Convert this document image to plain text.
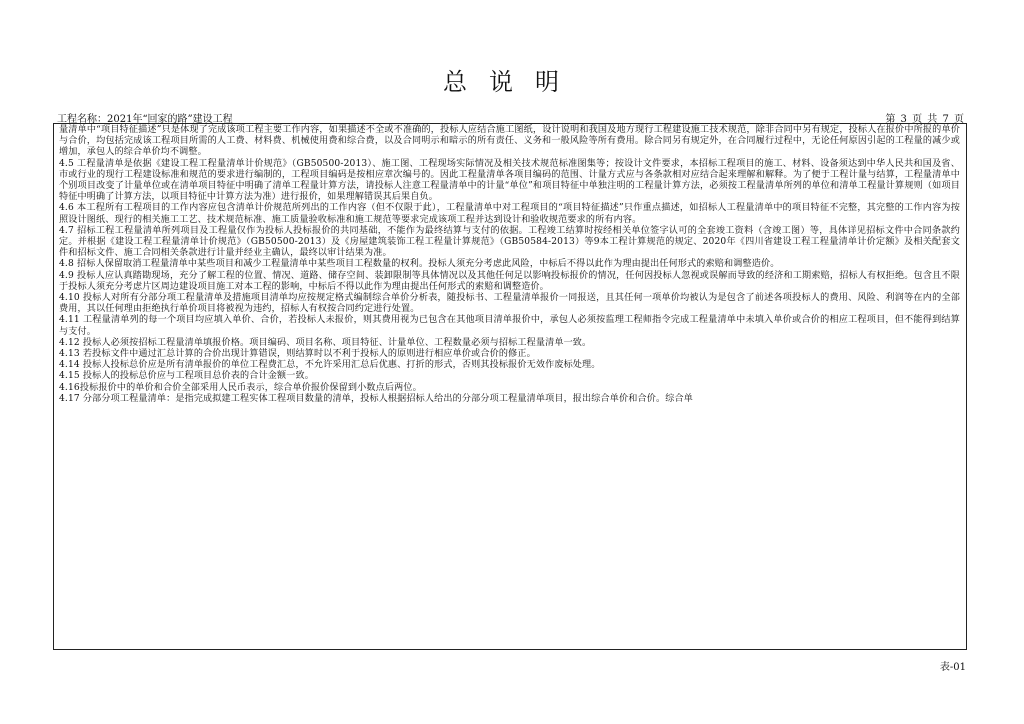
总说明
工程名称：2021年“回家的路”建设工程	第 3 页 共 7 页

量清单中“项目特征描述”只是体现了完成该项工程主要工作内容，如果描述不全或不准确的，投标人应结合施工图纸，设计说明和我国及地方现行工程建设施工技术规范，除非合同中另有规定，投标人在报价中所报的单价与合价，均包括完成该工程项目所需的人工费、材料费、机械使用费和综合费，以及合同明示和暗示的所有责任、义务和一般风险等所有费用。除合同另有规定外，在合同履行过程中，无论任何原因引起的工程量的减少或增加，承包人的综合单价均不调整。

4.5 工程量清单是依据《建设工程工程量清单计价规范》（GB50500-2013）、施工图、工程现场实际情况及相关技术规范标准图集等；按设计文件要求，本招标工程项目的施工、材料、设备须达到中华人民共和国及省、市或行业的现行工程建设标准和规范的要求进行编制的，工程项目编码是按相应章次编号的。因此工程量清单各项目编码的范围、计量方式应与各条款相对应结合起来理解和解释。为了便于工程计量与结算，工程量清单中个别项目改变了计量单位或在清单项目特征中明确了清单工程量计算方法，请投标人注意工程量清单中的计量“单位”和项目特征中单独注明的工程量计算方法，必须按工程量清单所列的单位和清单工程量计算规则（如项目特征中明确了计算方法，以项目特征中计算方法为准）进行报价，如果理解错误其后果自负。

4.6 本工程所有工程项目的工作内容应包含清单计价规范所列出的工作内容（但不仅限于此），工程量清单中对工程项目的“项目特征描述”只作重点描述，如招标人工程量清单中的项目特征不完整，其完整的工作内容为按照设计图纸、现行的相关施工工艺、技术规范标准、施工质量验收标准和施工规范等要求完成该项工程并达到设计和验收规范要求的所有内容。

4.7 招标工程工程量清单所列项目及工程量仅作为投标人投标报价的共同基础，不能作为最终结算与支付的依据。工程竣工结算时按经相关单位签字认可的全套竣工资料（含竣工图）等，具体详见招标文件中合同条款约定。并根据《建设工程工程量清单计价规范》（GB50500-2013）及《房屋建筑装饰工程工程量计算规范》（GB50584-2013）等9本工程计算规范的规定、2020年《四川省建设工程工程量清单计价定额》及相关配套文件和招标文件、施工合同相关条款进行计量并经业主确认，最终以审计结果为准。

4.8 招标人保留取消工程量清单中某些项目和减少工程量清单中某些项目工程数量的权利。投标人须充分考虑此风险，中标后不得以此作为理由提出任何形式的索赔和调整造价。

4.9 投标人应认真踏勘现场，充分了解工程的位置、情况、道路、储存空间、装卸限制等具体情况以及其他任何足以影响投标报价的情况，任何因投标人忽视或误解而导致的经济和工期索赔，招标人有权拒绝。包含且不限于投标人须充分考虑片区周边建设项目施工对本工程的影响，中标后不得以此作为理由提出任何形式的索赔和调整造价。

4.10 投标人对所有分部分项工程量清单及措施项目清单均应按规定格式编制综合单价分析表，随投标书、工程量清单报价一同报送，且其任何一项单价均被认为是包含了前述各项投标人的费用、风险、利润等在内的全部费用，其以任何理由拒绝执行单价项目将被视为违约，招标人有权按合同约定进行处置。

4.11 工程量清单列的每一个项目均应填入单价、合价，若投标人未报价，则其费用视为已包含在其他项目清单报价中，承包人必须按监理工程师指令完成工程量清单中未填入单价或合价的相应工程项目，但不能得到结算与支付。

4.12 投标人必须按招标工程量清单填报价格。项目编码、项目名称、项目特征、计量单位、工程数量必须与招标工程量清单一致。

4.13 若投标文件中通过汇总计算的合价出现计算错误，则结算时以不利于投标人的原则进行相应单价或合价的修正。

4.14 投标人投标总价应是所有清单报价的单位工程费汇总，不允许采用汇总后优惠、打折的形式，否则其投标报价无效作废标处理。

4.15 投标人的投标总价应与工程项目总价表的合计金额一致。

4.16投标报价中的单价和合价全部采用人民币表示，综合单价报价保留到小数点后两位。

4.17 分部分项工程量清单：是指完成拟建工程实体工程项目数量的清单，投标人根据招标人给出的分部分项工程量清单项目，报出综合单价和合价。综合单

表-01
